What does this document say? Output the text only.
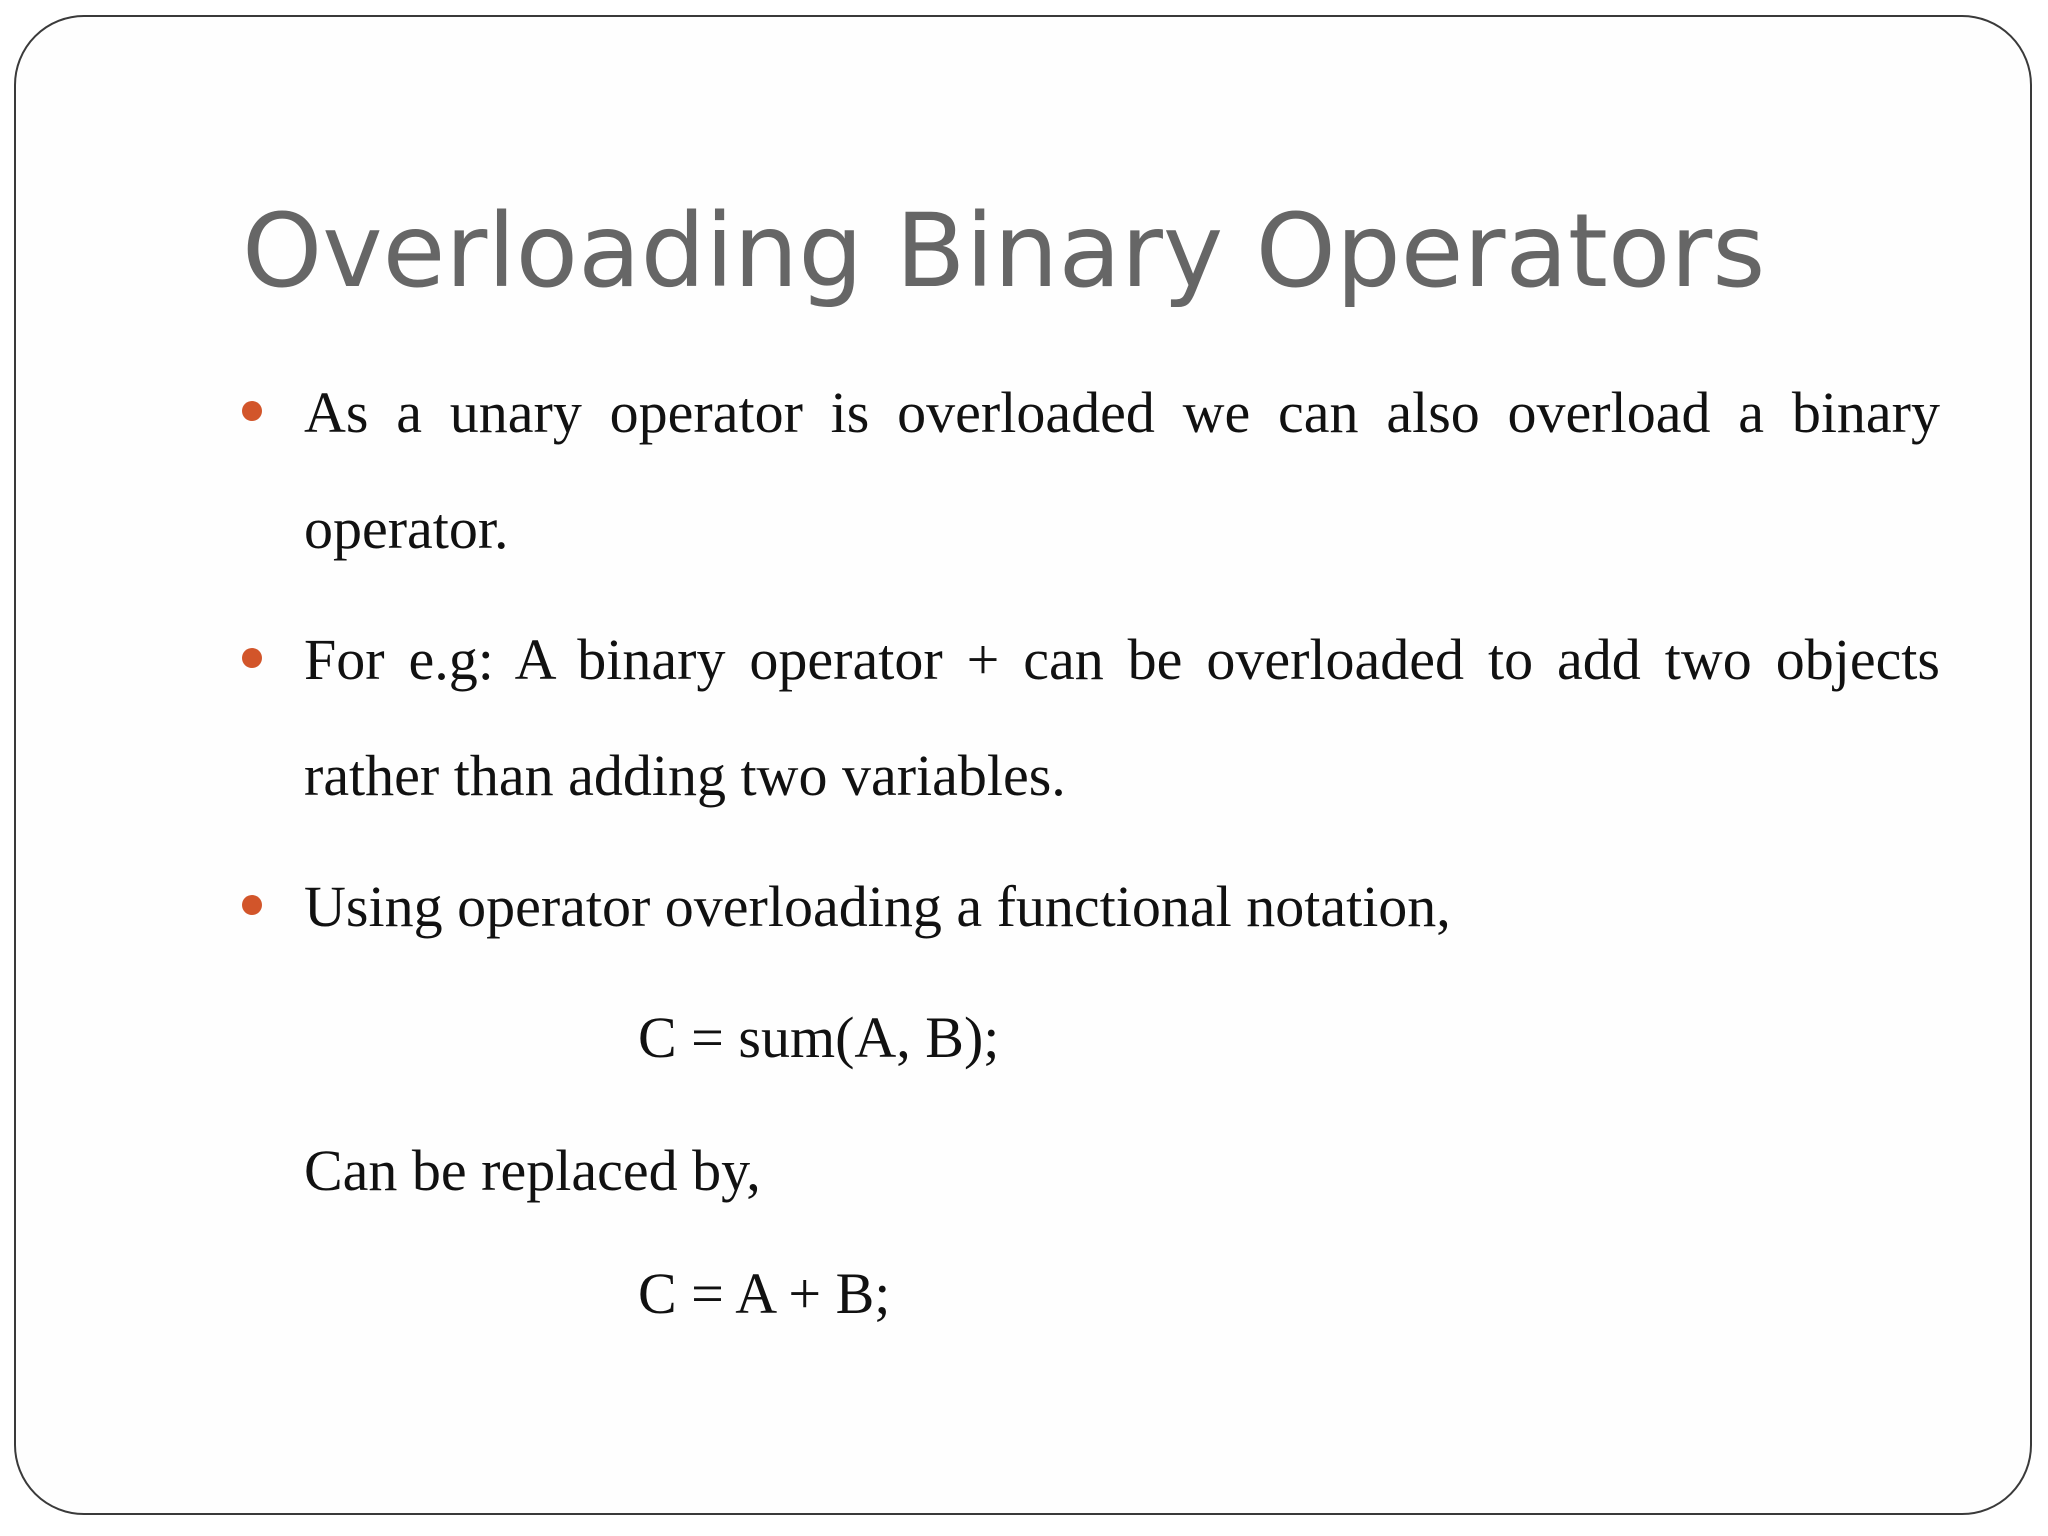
Overloading Binary Operators
As a unary operator is overloaded we can also overload a binary
operator.
For e.g: A binary operator + can be overloaded to add two objects
rather than adding two variables.
Using operator overloading a functional notation,
C = sum(A, B);
Can be replaced by,
C = A + B;
